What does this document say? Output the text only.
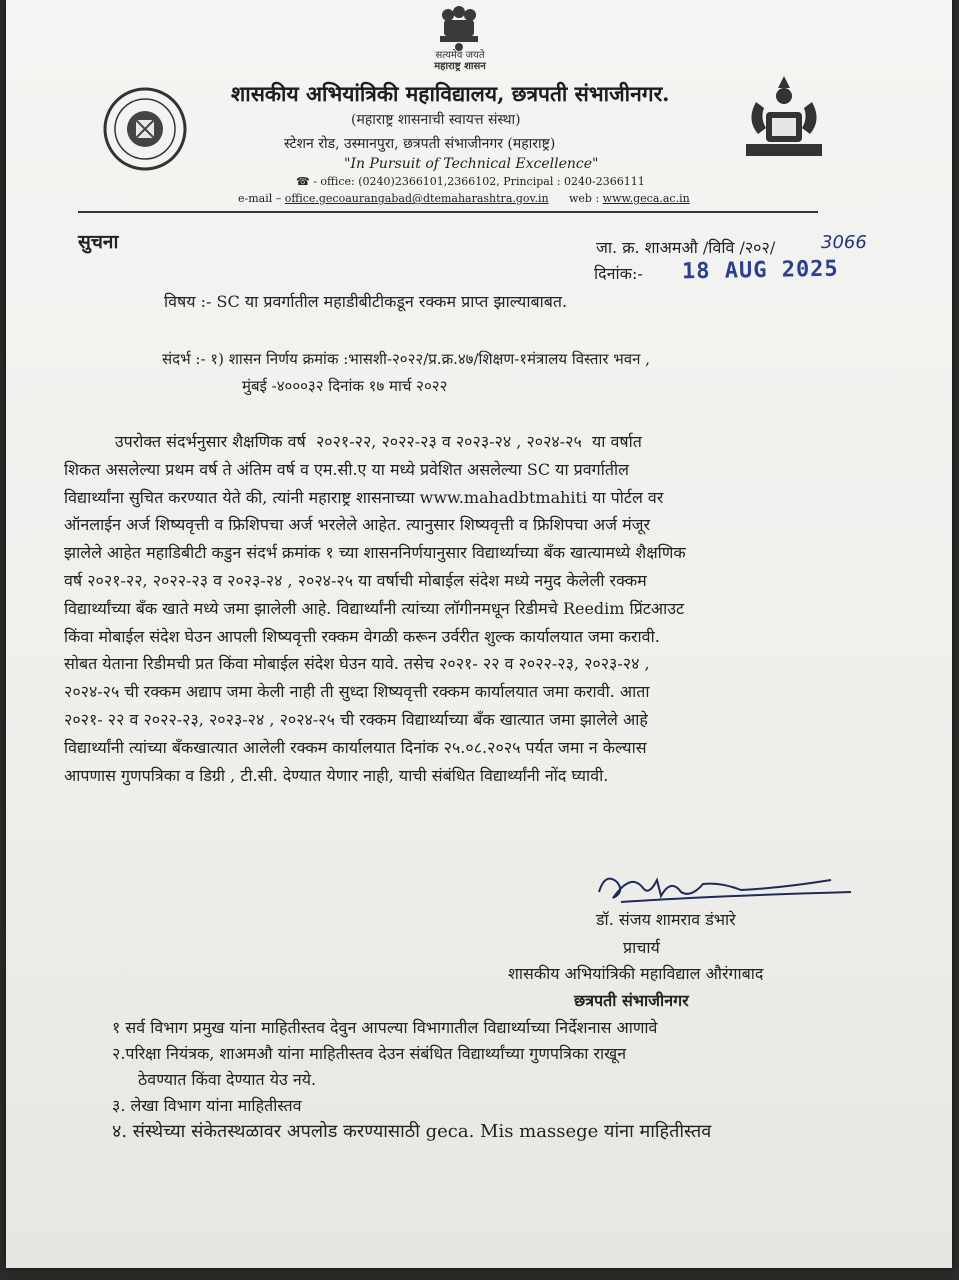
सत्यमेव जयते
महाराष्ट्र शासन
शासकीय अभियांत्रिकी महाविद्यालय, छत्रपती संभाजीनगर.
(महाराष्ट्र शासनाची स्वायत्त संस्था)
स्टेशन रोड, उस्मानपुरा, छत्रपती संभाजीनगर (महाराष्ट्र)
"In Pursuit of Technical Excellence"
☎ - office: (0240)2366101,2366102, Principal : 0240-2366111
e-mail – office.gecoaurangabad@dtemaharashtra.gov.in web : www.geca.ac.in
सुचना	जा. क्र. शाअमऔ /विवि /२०२/	3066
दिनांक:- 18 AUG 2025
विषय :- SC या प्रवर्गातील महाडीबीटीकडून रक्कम प्राप्त झाल्याबाबत.
संदर्भ :- १) शासन निर्णय क्रमांक :भासशी-२०२२/प्र.क्र.४७/शिक्षण-१मंत्रालय विस्तार भवन ,
मुंबई -४०००३२ दिनांक १७ मार्च २०२२
उपरोक्त संदर्भनुसार शैक्षणिक वर्ष  २०२१-२२, २०२२-२३ व २०२३-२४ , २०२४-२५  या वर्षात
शिकत असलेल्या प्रथम वर्ष ते अंतिम वर्ष व एम.सी.ए या मध्ये प्रवेशित असलेल्या SC या प्रवर्गातील
विद्यार्थ्यांना सुचित करण्यात येते की, त्यांनी महाराष्ट्र शासनाच्या www.mahadbtmahiti या पोर्टल वर
ऑनलाईन अर्ज शिष्यवृत्ती व फ्रिशिपचा अर्ज भरलेले आहेत. त्यानुसार शिष्यवृत्ती व फ्रिशिपचा अर्ज मंजूर
झालेले आहेत महाडिबीटी कडुन संदर्भ क्रमांक १ च्या शासननिर्णयानुसार विद्यार्थ्याच्या बँक खात्यामध्ये शैक्षणिक
वर्ष २०२१-२२, २०२२-२३ व २०२३-२४ , २०२४-२५ या वर्षाची मोबाईल संदेश मध्ये नमुद केलेली रक्कम
विद्यार्थ्यांच्या बँक खाते मध्ये जमा झालेली आहे. विद्यार्थ्यांनी त्यांच्या लॉगीनमधून रिडीमचे Reedim प्रिंटआउट
किंवा मोबाईल संदेश घेउन आपली शिष्यवृत्ती रक्कम वेगळी करून उर्वरीत शुल्क कार्यालयात जमा करावी.
सोबत येताना रिडीमची प्रत किंवा मोबाईल संदेश घेउन यावे. तसेच २०२१- २२ व २०२२-२३, २०२३-२४ ,
२०२४-२५ ची रक्कम अद्याप जमा केली नाही ती सुध्दा शिष्यवृत्ती रक्कम कार्यालयात जमा करावी. आता
२०२१- २२ व २०२२-२३, २०२३-२४ , २०२४-२५ ची रक्कम विद्यार्थ्याच्या बँक खात्यात जमा झालेले आहे
विद्यार्थ्यांनी त्यांच्या बँकखात्यात आलेली रक्कम कार्यालयात दिनांक २५.०८.२०२५ पर्यत जमा न केल्यास
आपणास गुणपत्रिका व डिग्री , टी.सी. देण्यात येणार नाही, याची संबंधित विद्यार्थ्यांनी नोंद घ्यावी.
डॉ. संजय शामराव डंभारे
प्राचार्य
शासकीय अभियांत्रिकी महाविद्याल औरंगाबाद
छत्रपती संभाजीनगर
१ सर्व विभाग प्रमुख यांना माहितीस्तव देवुन आपल्या विभागातील विद्यार्थ्याच्या निर्देशनास आणावे
२.परिक्षा नियंत्रक, शाअमऔ यांना माहितीस्तव देउन संबंधित विद्यार्थ्यांच्या गुणपत्रिका राखून
ठेवण्यात किंवा देण्यात येउ नये.
३. लेखा विभाग यांना माहितीस्तव
४. संस्थेच्या संकेतस्थळावर अपलोड करण्यासाठी geca. Mis massege यांना माहितीस्तव
